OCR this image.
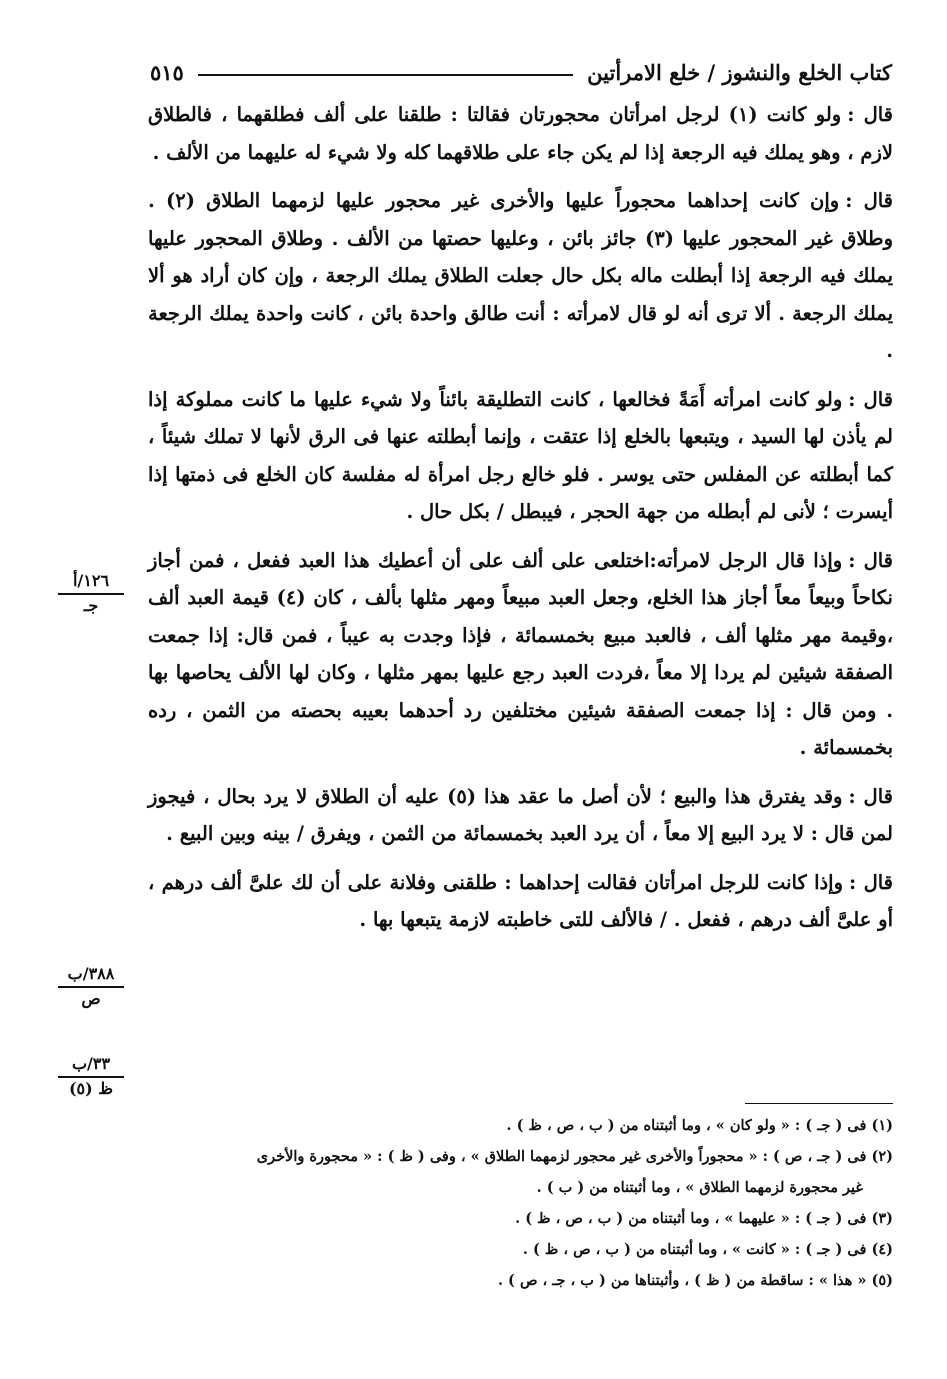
كتاب الخلع والنشوز / خلع الامرأتين
٥١٥

قال :ولو كانت (١) لرجل امرأتان محجورتان فقالتا : طلقنا على ألف فطلقهما ، فالطلاق لازم ، وهو يملك فيه الرجعة إذا لم يكن جاء على طلاقهما كله ولا شيء له عليهما من الألف .

قال :وإن كانت إحداهما محجوراً عليها والأخرى غير محجور عليها لزمهما الطلاق (٢) . وطلاق غير المحجور عليها (٣) جائز بائن ، وعليها حصتها من الألف . وطلاق المحجور عليها يملك فيه الرجعة إذا أبطلت ماله بكل حال جعلت الطلاق يملك الرجعة ، وإن كان أراد هو ألا يملك الرجعة . ألا ترى أنه لو قال لامرأته : أنت طالق واحدة بائن ، كانت واحدة يملك الرجعة .

قال :ولو كانت امرأته أَمَةً فخالعها ، كانت التطليقة بائناً ولا شيء عليها ما كانت مملوكة إذا لم يأذن لها السيد ، ويتبعها بالخلع إذا عتقت ، وإنما أبطلته عنها فى الرق لأنها لا تملك شيئاً ، كما أبطلته عن المفلس حتى يوسر . فلو خالع رجل امرأة له مفلسة كان الخلع فى ذمتها إذا أيسرت ؛ لأنى لم أبطله من جهة الحجر ، فيبطل / بكل حال .

قال :وإذا قال الرجل لامرأته:اختلعى على ألف على أن أعطيك هذا العبد ففعل ، فمن أجاز نكاحاً وبيعاً معاً أجاز هذا الخلع، وجعل العبد مبيعاً ومهر مثلها بألف ، كان (٤) قيمة العبد ألف ،وقيمة مهر مثلها ألف ، فالعبد مبيع بخمسمائة ، فإذا وجدت به عيباً ، فمن قال: إذا جمعت الصفقة شيئين لم يردا إلا معاً ،فردت العبد رجع عليها بمهر مثلها ، وكان لها الألف يحاصها بها . ومن قال : إذا جمعت الصفقة شيئين مختلفين رد أحدهما بعيبه بحصته من الثمن ، رده بخمسمائة .

قال :وقد يفترق هذا والبيع ؛ لأن أصل ما عقد هذا (٥) عليه أن الطلاق لا يرد بحال ، فيجوز لمن قال : لا يرد البيع إلا معاً ، أن يرد العبد بخمسمائة من الثمن ، ويفرق / بينه وبين البيع .

قال :وإذا كانت للرجل امرأتان فقالت إحداهما : طلقنى وفلانة على أن لك علىَّ ألف درهم ، أو علىَّ ألف درهم ، ففعل . / فالألف للتى خاطبته لازمة يتبعها بها .

١٢٦/أ
جـ
٣٨٨/ب
ص
٣٣/ب
ظ (٥)

(١) فى ( جـ ) : « ولو كان » ، وما أثبتناه من ( ب ، ص ، ظ ) .

(٢) فى ( جـ ، ص ) : « محجوراً والأخرى غير محجور لزمهما الطلاق » ، وفى ( ظ ) : « محجورة والأخرى

غير محجورة لزمهما الطلاق » ، وما أثبتناه من ( ب ) .

(٣) فى ( جـ ) : « عليهما » ، وما أثبتناه من ( ب ، ص ، ظ ) .

(٤) فى ( جـ ) : « كانت » ، وما أثبتناه من ( ب ، ص ، ظ ) .

(٥) « هذا » : ساقطة من ( ظ ) ، وأثبتناها من ( ب ، جـ ، ص ) .
